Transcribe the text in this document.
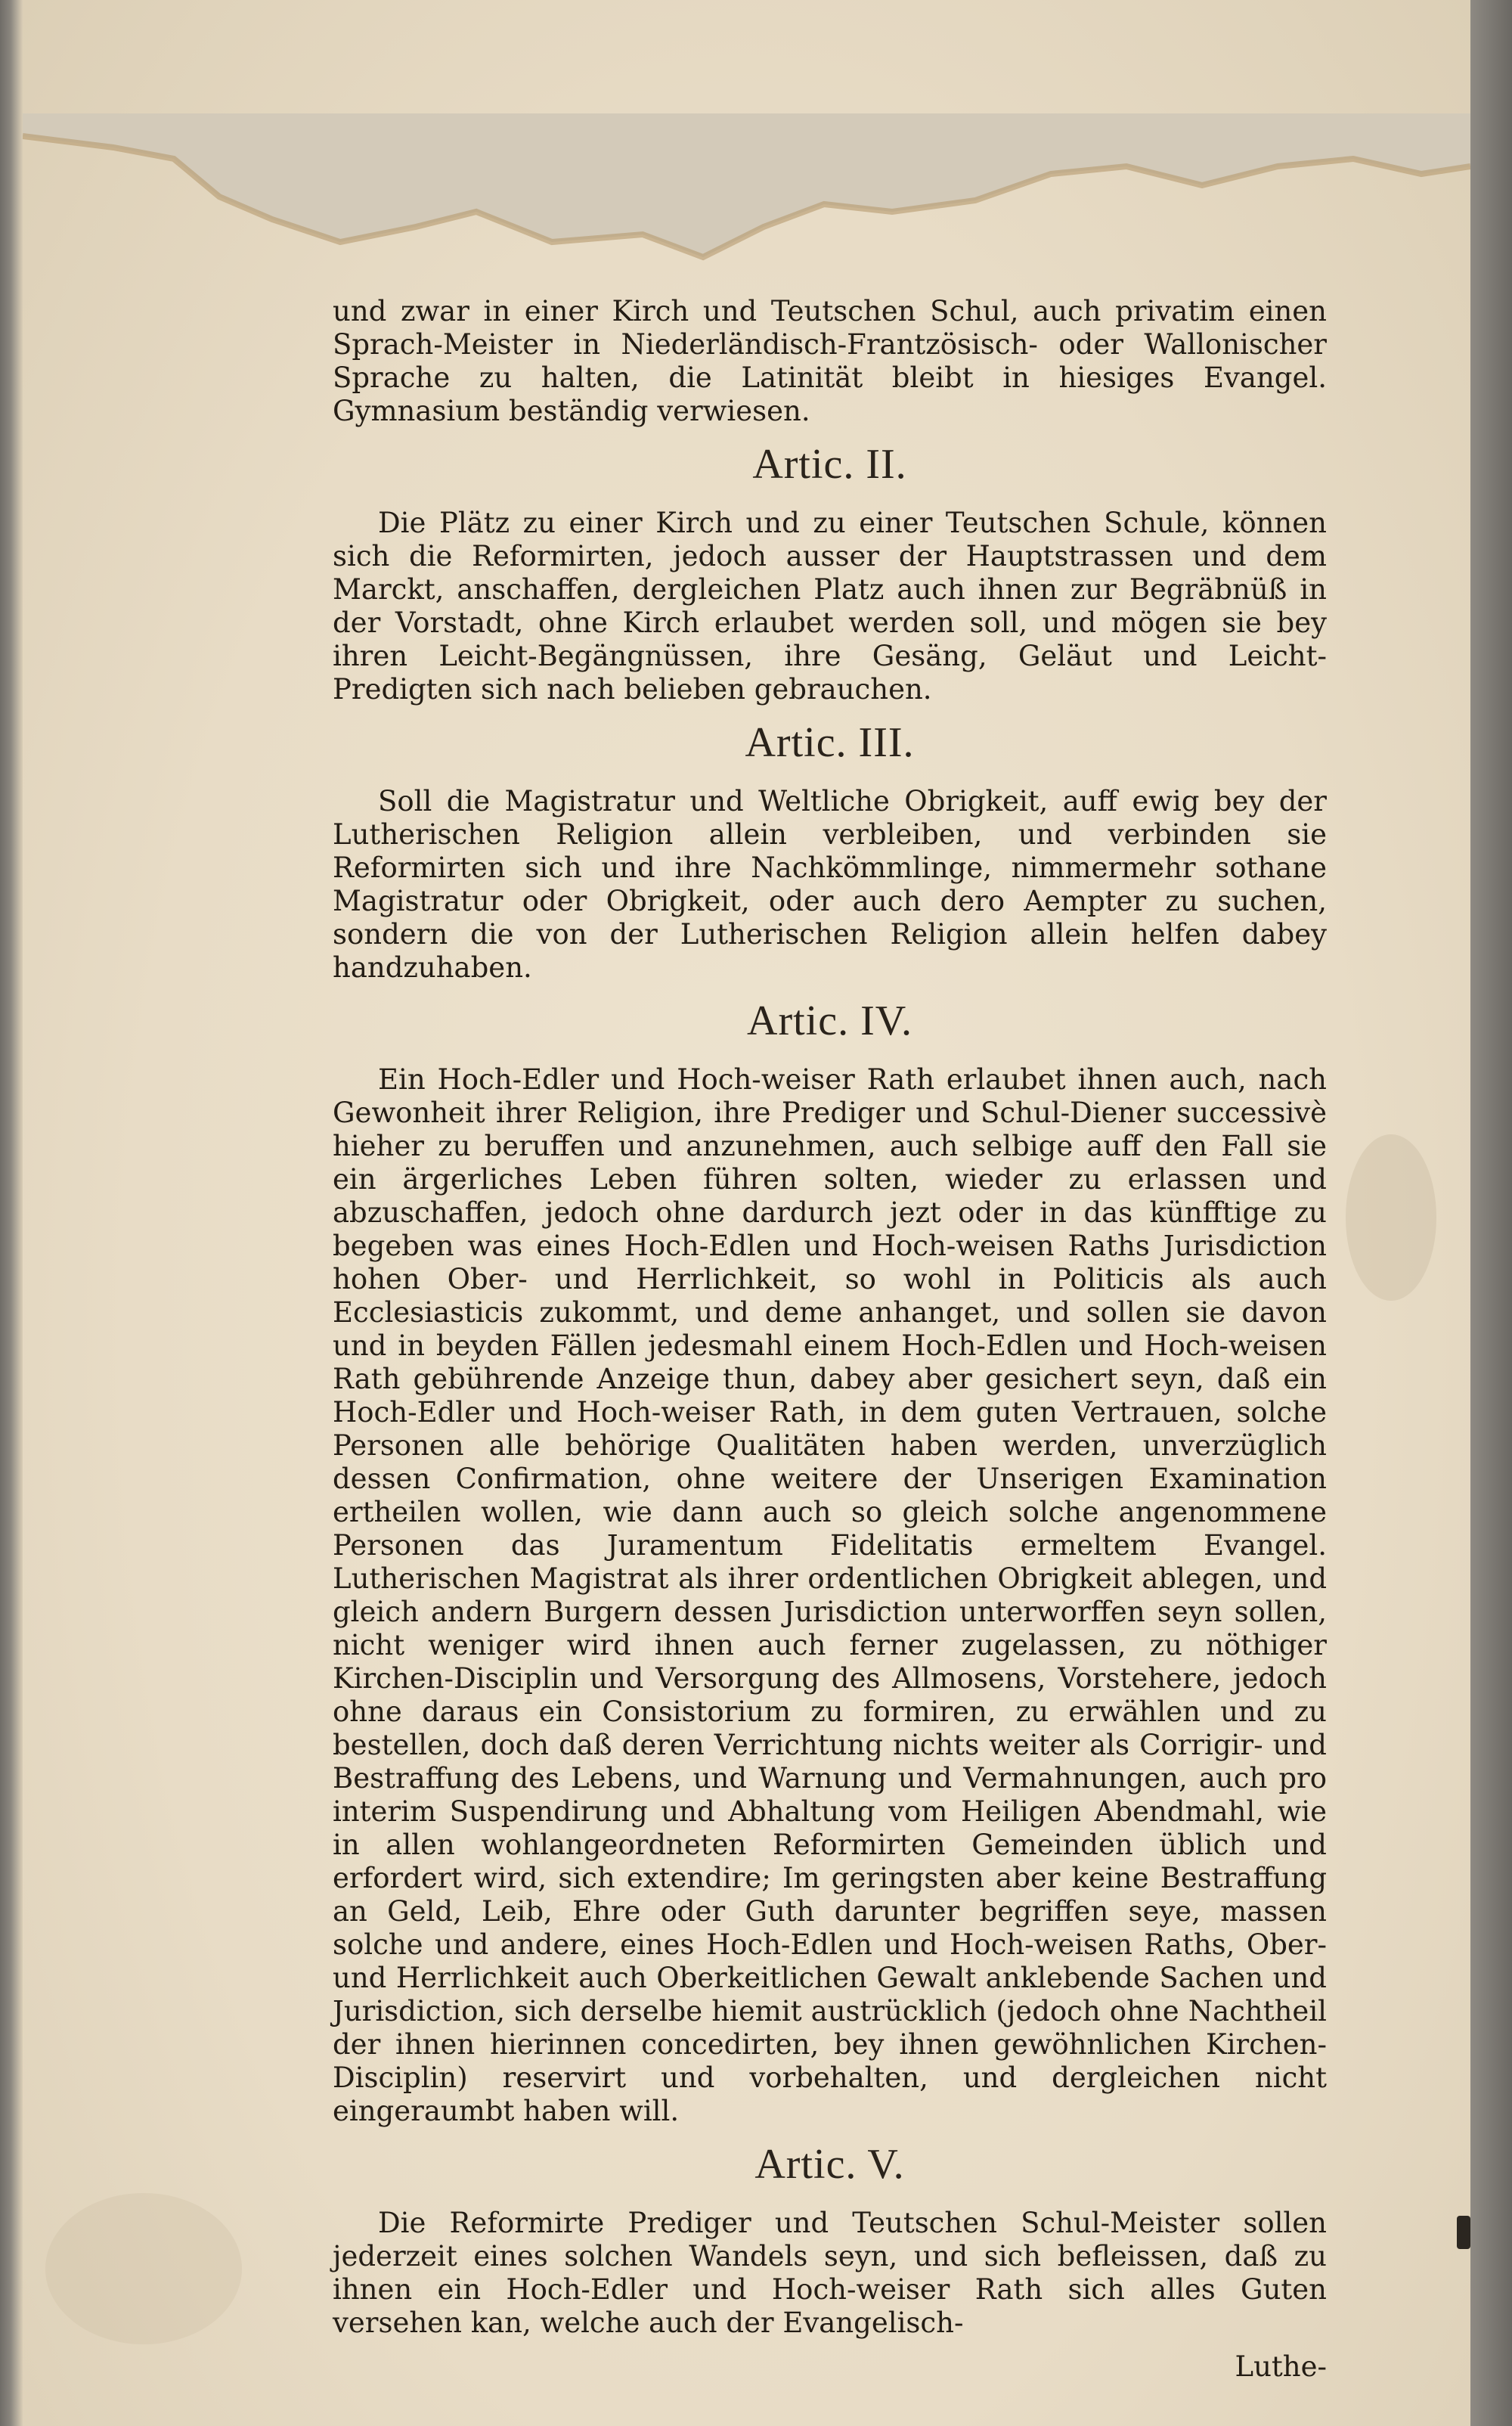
und zwar in einer Kirch und Teutschen Schul, auch privatim einen Sprach-Meister in Niederländisch-Frantzösisch- oder Wallonischer Sprache zu halten, die Latinität bleibt in hiesiges Evangel. Gymnasium beständig verwiesen.

Artic. II.

Die Plätz zu einer Kirch und zu einer Teutschen Schule, können sich die Reformirten, jedoch ausser der Hauptstrassen und dem Marckt, anschaffen, dergleichen Platz auch ihnen zur Begräbnüß in der Vorstadt, ohne Kirch erlaubet werden soll, und mögen sie bey ihren Leicht-Begängnüssen, ihre Gesäng, Geläut und Leicht-Predigten sich nach belieben gebrauchen.

Artic. III.

Soll die Magistratur und Weltliche Obrigkeit, auff ewig bey der Lutherischen Religion allein verbleiben, und verbinden sie Reformirten sich und ihre Nachkömmlinge, nimmermehr sothane Magistratur oder Obrigkeit, oder auch dero Aempter zu suchen, sondern die von der Lutherischen Religion allein helfen dabey handzuhaben.

Artic. IV.

Ein Hoch-Edler und Hoch-weiser Rath erlaubet ihnen auch, nach Gewonheit ihrer Religion, ihre Prediger und Schul-Diener successivè hieher zu beruffen und anzunehmen, auch selbige auff den Fall sie ein ärgerliches Leben führen solten, wieder zu erlassen und abzuschaffen, jedoch ohne dardurch jezt oder in das künfftige zu begeben was eines Hoch-Edlen und Hoch-weisen Raths Jurisdiction hohen Ober- und Herrlichkeit, so wohl in Politicis als auch Ecclesiasticis zukommt, und deme anhanget, und sollen sie davon und in beyden Fällen jedesmahl einem Hoch-Edlen und Hoch-weisen Rath gebührende Anzeige thun, dabey aber gesichert seyn, daß ein Hoch-Edler und Hoch-weiser Rath, in dem guten Vertrauen, solche Personen alle behörige Qualitäten haben werden, unverzüglich dessen Confirmation, ohne weitere der Unserigen Examination ertheilen wollen, wie dann auch so gleich solche angenommene Personen das Juramentum Fidelitatis ermeltem Evangel. Lutherischen Magistrat als ihrer ordentlichen Obrigkeit ablegen, und gleich andern Burgern dessen Jurisdiction unterworffen seyn sollen, nicht weniger wird ihnen auch ferner zugelassen, zu nöthiger Kirchen-Disciplin und Versorgung des Allmosens, Vorstehere, jedoch ohne daraus ein Consistorium zu formiren, zu erwählen und zu bestellen, doch daß deren Verrichtung nichts weiter als Corrigir- und Bestraffung des Lebens, und Warnung und Vermahnungen, auch pro interim Suspendirung und Abhaltung vom Heiligen Abendmahl, wie in allen wohlangeordneten Reformirten Gemeinden üblich und erfordert wird, sich extendire; Im geringsten aber keine Bestraffung an Geld, Leib, Ehre oder Guth darunter begriffen seye, massen solche und andere, eines Hoch-Edlen und Hoch-weisen Raths, Ober- und Herrlichkeit auch Oberkeitlichen Gewalt anklebende Sachen und Jurisdiction, sich derselbe hiemit austrücklich (jedoch ohne Nachtheil der ihnen hierinnen concedirten, bey ihnen gewöhnlichen Kirchen-Disciplin) reservirt und vorbehalten, und dergleichen nicht eingeraumbt haben will.

Artic. V.

Die Reformirte Prediger und Teutschen Schul-Meister sollen jederzeit eines solchen Wandels seyn, und sich befleissen, daß zu ihnen ein Hoch-Edler und Hoch-weiser Rath sich alles Guten versehen kan, welche auch der Evangelisch-

Luthe-
